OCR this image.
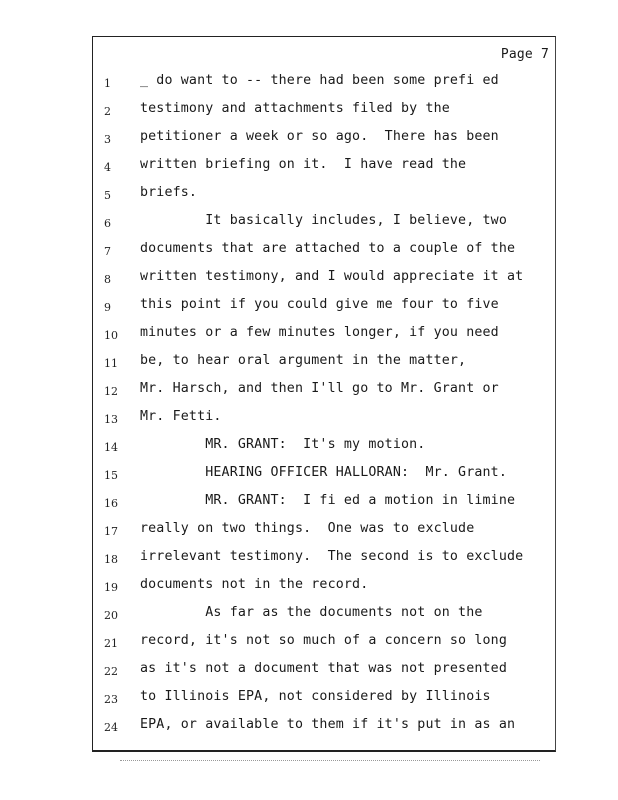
Page 7
1
2
3
4
5
6
7
8
9
10
11
12
13
14
15
16
17
18
19
20
21
22
23
24
_ do want to -- there had been some prefi ed
testimony and attachments filed by the
petitioner a week or so ago.  There has been
written briefing on it.  I have read the
briefs.
It basically includes, I believe, two
documents that are attached to a couple of the
written testimony, and I would appreciate it at
this point if you could give me four to five
minutes or a few minutes longer, if you need
be, to hear oral argument in the matter,
Mr. Harsch, and then I'll go to Mr. Grant or
Mr. Fetti.
MR. GRANT:  It's my motion.
HEARING OFFICER HALLORAN:  Mr. Grant.
MR. GRANT:  I fi ed a motion in limine
really on two things.  One was to exclude
irrelevant testimony.  The second is to exclude
documents not in the record.
As far as the documents not on the
record, it's not so much of a concern so long
as it's not a document that was not presented
to Illinois EPA, not considered by Illinois
EPA, or available to them if it's put in as an
